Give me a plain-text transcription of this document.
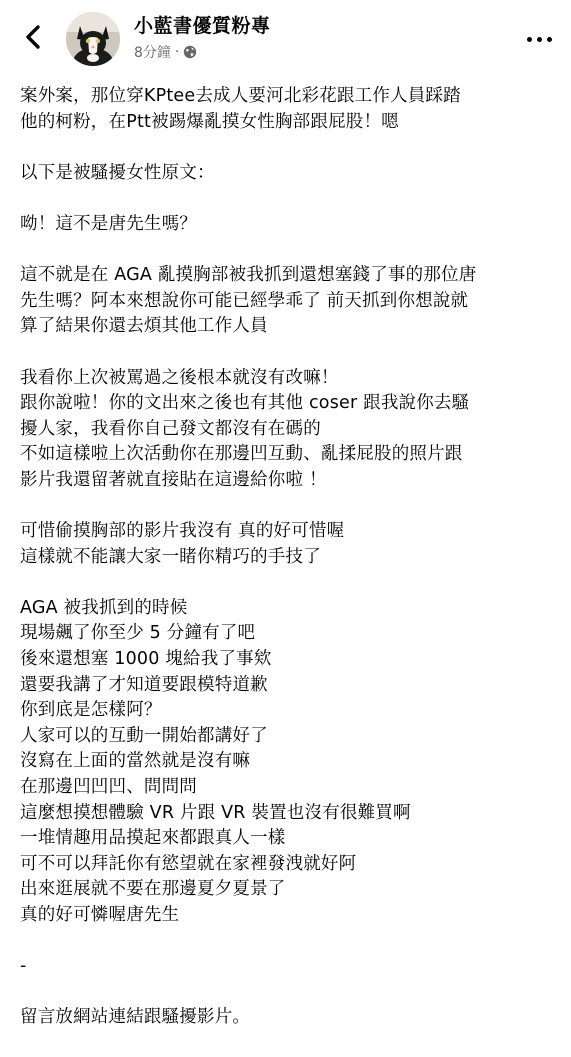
小藍書優質粉專
8分鐘 ·
案外案，那位穿KPtee去成人要河北彩花跟工作人員踩踏
他的柯粉，在Ptt被踢爆亂摸女性胸部跟屁股！嗯
以下是被騷擾女性原文：
呦！這不是唐先生嗎？
這不就是在 AGA 亂摸胸部被我抓到還想塞錢了事的那位唐
先生嗎？阿本來想說你可能已經學乖了 前天抓到你想說就
算了結果你還去煩其他工作人員
我看你上次被罵過之後根本就沒有改嘛！
跟你說啦！你的文出來之後也有其他 coser 跟我說你去騷
擾人家，我看你自己發文都沒有在碼的
不如這樣啦上次活動你在那邊凹互動、亂揉屁股的照片跟
影片我還留著就直接貼在這邊給你啦 ！
可惜偷摸胸部的影片我沒有 真的好可惜喔
這樣就不能讓大家一睹你精巧的手技了
AGA 被我抓到的時候
現場飆了你至少 5 分鐘有了吧
後來還想塞 1000 塊給我了事欸
還要我講了才知道要跟模特道歉
你到底是怎樣阿？
人家可以的互動一開始都講好了
沒寫在上面的當然就是沒有嘛
在那邊凹凹凹、問問問
這麼想摸想體驗 VR 片跟 VR 裝置也沒有很難買啊
一堆情趣用品摸起來都跟真人一樣
可不可以拜託你有慾望就在家裡發洩就好阿
出來逛展就不要在那邊夏夕夏景了
真的好可憐喔唐先生
-
留言放網站連結跟騷擾影片。
